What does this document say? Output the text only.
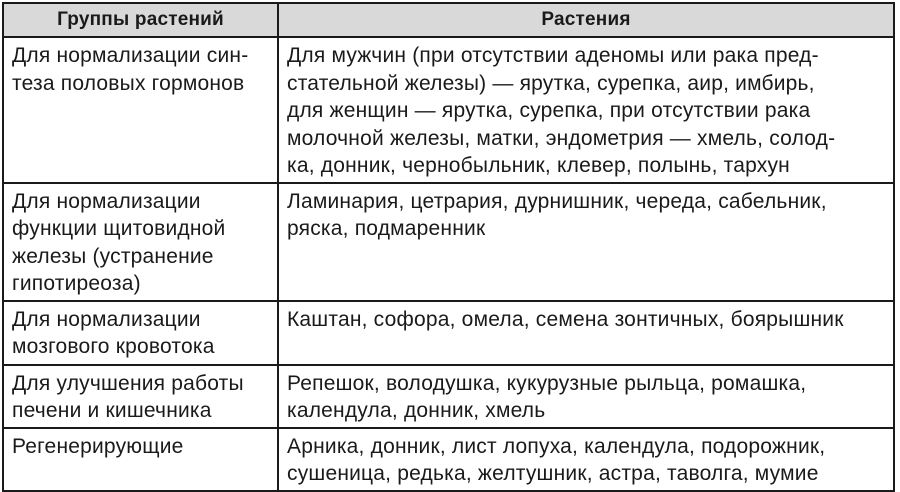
Группы растений	Растения

Для нормализации син-
теза половых гормонов	Для мужчин (при отсутствии аденомы или рака пред-
стательной железы) — ярутка, сурепка, аир, имбирь,
для женщин — ярутка, сурепка, при отсутствии рака
молочной железы, матки, эндометрия — хмель, солод-
ка, донник, чернобыльник, клевер, полынь, тархун

Для нормализации
функции щитовидной
железы (устранение
гипотиреоза)	Ламинария, цетрария, дурнишник, череда, сабельник,
ряска, подмаренник

Для нормализации
мозгового кровотока	Каштан, софора, омела, семена зонтичных, боярышник

Для улучшения работы
печени и кишечника	Репешок, володушка, кукурузные рыльца, ромашка,
календула, донник, хмель

Регенерирующие	Арника, донник, лист лопуха, календула, подорожник,
сушеница, редька, желтушник, астра, таволга, мумие
